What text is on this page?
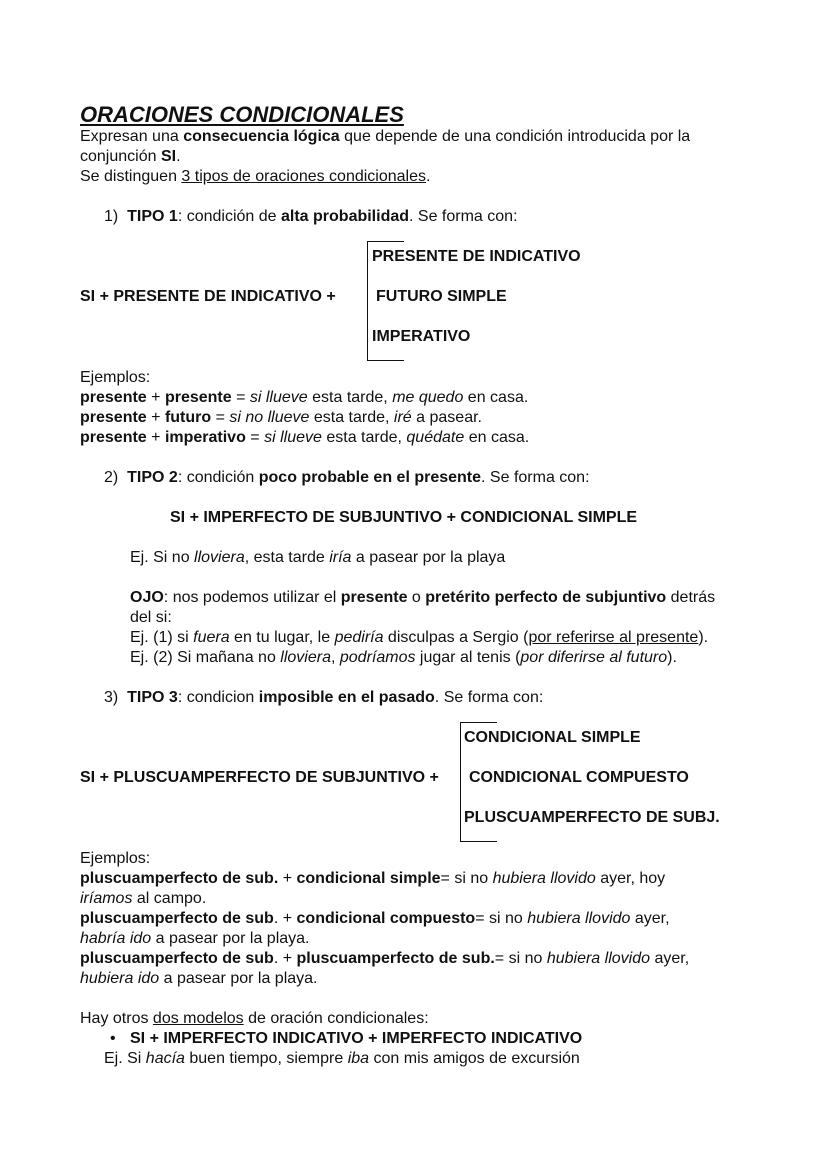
ORACIONES CONDICIONALES
Expresan una consecuencia lógica que depende de una condición introducida por la
conjunción SI.
Se distinguen 3 tipos de oraciones condicionales.
1) TIPO 1: condición de alta probabilidad. Se forma con:
PRESENTE DE INDICATIVO
SI + PRESENTE DE INDICATIVO +	FUTURO SIMPLE
IMPERATIVO
Ejemplos:
presente + presente = si llueve esta tarde, me quedo en casa.
presente + futuro = si no llueve esta tarde, iré a pasear.
presente + imperativo = si llueve esta tarde, quédate en casa.
2) TIPO 2: condición poco probable en el presente. Se forma con:
SI + IMPERFECTO DE SUBJUNTIVO + CONDICIONAL SIMPLE
Ej. Si no lloviera, esta tarde iría a pasear por la playa
OJO: nos podemos utilizar el presente o pretérito perfecto de subjuntivo detrás
del si:
Ej. (1) si fuera en tu lugar, le pediría disculpas a Sergio (por referirse al presente).
Ej. (2) Si mañana no lloviera, podríamos jugar al tenis (por diferirse al futuro).
3) TIPO 3: condicion imposible en el pasado. Se forma con:
CONDICIONAL SIMPLE
SI + PLUSCUAMPERFECTO DE SUBJUNTIVO + CONDICIONAL COMPUESTO
PLUSCUAMPERFECTO DE SUBJ.
Ejemplos:
pluscuamperfecto de sub. + condicional simple= si no hubiera llovido ayer, hoy
iríamos al campo.
pluscuamperfecto de sub. + condicional compuesto= si no hubiera llovido ayer,
habría ido a pasear por la playa.
pluscuamperfecto de sub. + pluscuamperfecto de sub.= si no hubiera llovido ayer,
hubiera ido a pasear por la playa.
Hay otros dos modelos de oración condicionales:
• SI + IMPERFECTO INDICATIVO + IMPERFECTO INDICATIVO
Ej. Si hacía buen tiempo, siempre iba con mis amigos de excursión
